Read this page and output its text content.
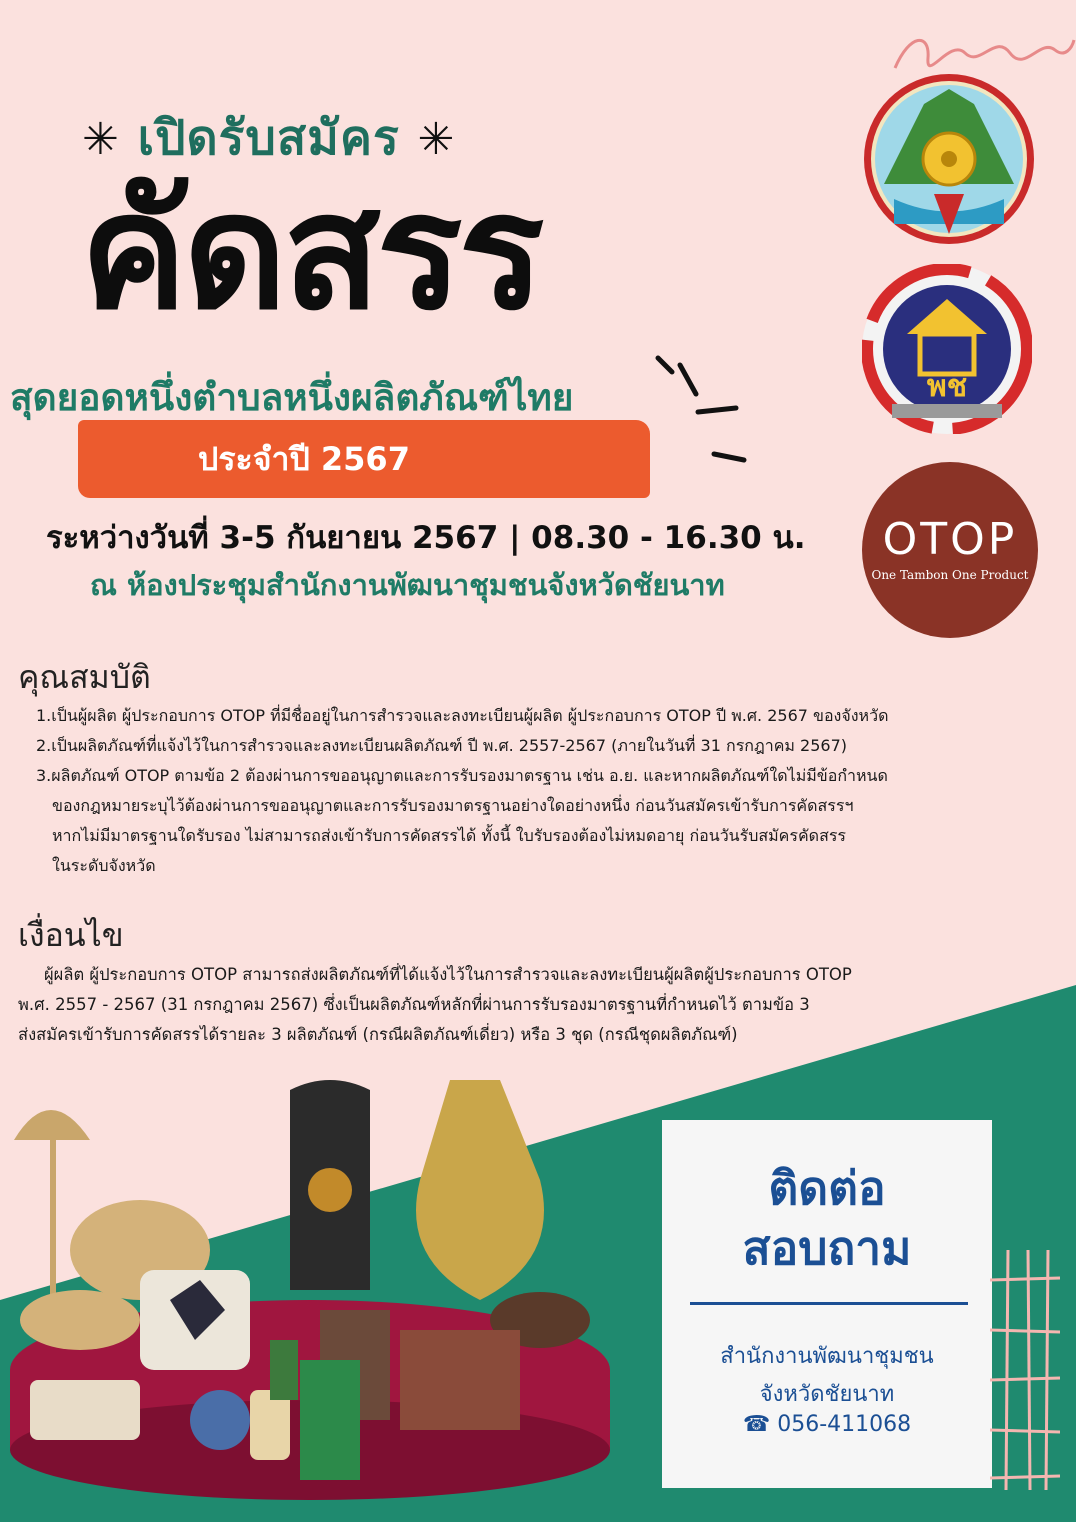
✳ เปิดรับสมัคร ✳
คัดสรร
สุดยอดหนึ่งตำบลหนึ่งผลิตภัณฑ์ไทย
ประจำปี 2567
ระหว่างวันที่ 3-5 กันยายน 2567 | 08.30 - 16.30 น.
ณ ห้องประชุมสำนักงานพัฒนาชุมชนจังหวัดชัยนาท
พช
OTOP
One Tambon One Product
คุณสมบัติ
1.เป็นผู้ผลิต ผู้ประกอบการ OTOP ที่มีชื่ออยู่ในการสำรวจและลงทะเบียนผู้ผลิต ผู้ประกอบการ OTOP ปี พ.ศ. 2567 ของจังหวัด
2.เป็นผลิตภัณฑ์ที่แจ้งไว้ในการสำรวจและลงทะเบียนผลิตภัณฑ์ ปี พ.ศ. 2557-2567 (ภายในวันที่ 31 กรกฎาคม 2567)
3.ผลิตภัณฑ์ OTOP ตามข้อ 2 ต้องผ่านการขออนุญาตและการรับรองมาตรฐาน เช่น อ.ย. และหากผลิตภัณฑ์ใดไม่มีข้อกำหนด
ของกฎหมายระบุไว้ต้องผ่านการขออนุญาตและการรับรองมาตรฐานอย่างใดอย่างหนึ่ง ก่อนวันสมัครเข้ารับการคัดสรรฯ
หากไม่มีมาตรฐานใดรับรอง ไม่สามารถส่งเข้ารับการคัดสรรได้ ทั้งนี้ ใบรับรองต้องไม่หมดอายุ ก่อนวันรับสมัครคัดสรร
ในระดับจังหวัด
เงื่อนไข
ผู้ผลิต ผู้ประกอบการ OTOP สามารถส่งผลิตภัณฑ์ที่ได้แจ้งไว้ในการสำรวจและลงทะเบียนผู้ผลิตผู้ประกอบการ OTOP
พ.ศ. 2557 - 2567 (31 กรกฎาคม 2567) ซึ่งเป็นผลิตภัณฑ์หลักที่ผ่านการรับรองมาตรฐานที่กำหนดไว้ ตามข้อ 3
ส่งสมัครเข้ารับการคัดสรรได้รายละ 3 ผลิตภัณฑ์ (กรณีผลิตภัณฑ์เดี่ยว) หรือ 3 ชุด (กรณีชุดผลิตภัณฑ์)
ติดต่อ
สอบถาม
สำนักงานพัฒนาชุมชน
จังหวัดชัยนาท
☎ 056-411068
